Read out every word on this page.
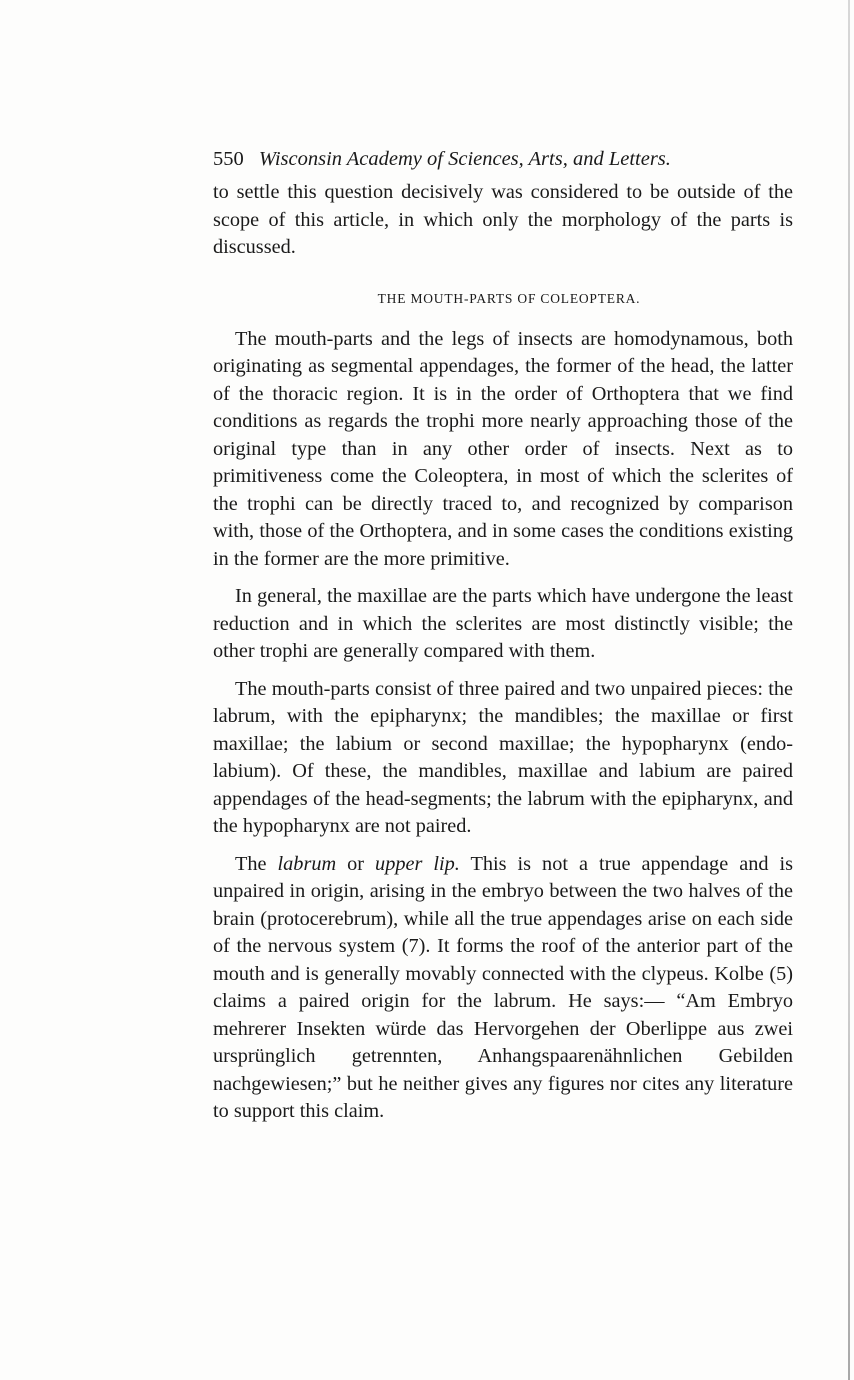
550 Wisconsin Academy of Sciences, Arts, and Letters.

to settle this question decisively was considered to be outside of the scope of this article, in which only the morphology of the parts is discussed.

THE MOUTH-PARTS OF COLEOPTERA.

The mouth-parts and the legs of insects are homodynamous, both originating as segmental appendages, the former of the head, the latter of the thoracic region. It is in the order of Orthoptera that we find conditions as regards the trophi more nearly approaching those of the original type than in any other order of insects. Next as to primitiveness come the Coleoptera, in most of which the sclerites of the trophi can be directly traced to, and recognized by comparison with, those of the Orthoptera, and in some cases the conditions existing in the former are the more primitive.

In general, the maxillae are the parts which have undergone the least reduction and in which the sclerites are most distinctly visible; the other trophi are generally compared with them.

The mouth-parts consist of three paired and two unpaired pieces: the labrum, with the epipharynx; the mandibles; the maxillae or first maxillae; the labium or second maxillae; the hypopharynx (endo-labium). Of these, the mandibles, maxillae and labium are paired appendages of the head-segments; the labrum with the epipharynx, and the hypopharynx are not paired.

The labrum or upper lip. This is not a true appendage and is unpaired in origin, arising in the embryo between the two halves of the brain (protocerebrum), while all the true appendages arise on each side of the nervous system (7). It forms the roof of the anterior part of the mouth and is generally movably connected with the clypeus. Kolbe (5) claims a paired origin for the labrum. He says:— “Am Embryo mehrerer Insekten würde das Hervorgehen der Oberlippe aus zwei ursprünglich getrennten, Anhangspaarenähnlichen Gebilden nachgewiesen;” but he neither gives any figures nor cites any literature to support this claim.
